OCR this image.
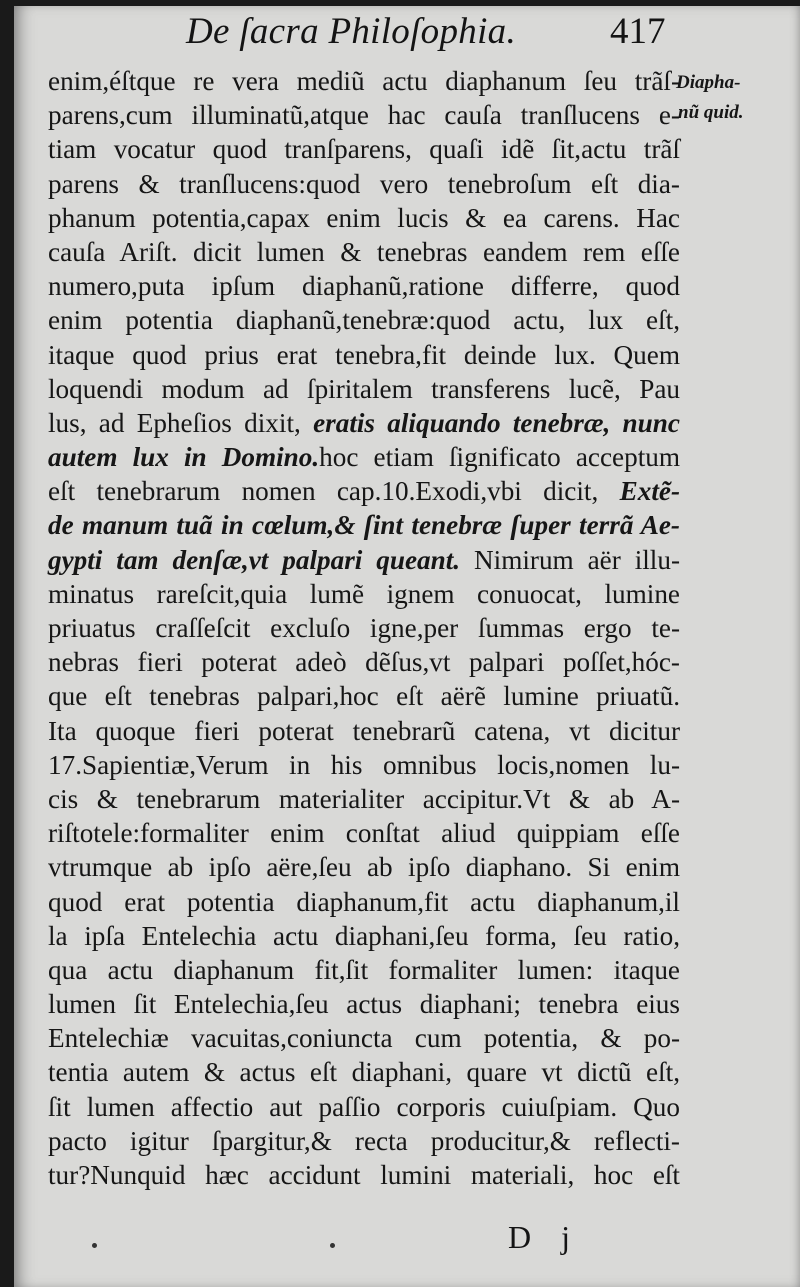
De ſacra Philoſophia.	417
Diapha-
nũ quid.
enim,éſtque re vera mediũ actu diaphanum ſeu trãſ-
parens,cum illuminatũ,atque hac cauſa tranſlucens e-
tiam vocatur quod tranſparens, quaſi idẽ ſit,actu trãſ
parens & tranſlucens:quod vero tenebroſum eſt dia-
phanum potentia,capax enim lucis & ea carens. Hac
cauſa Ariſt. dicit lumen & tenebras eandem rem eſſe
numero,puta ipſum diaphanũ,ratione differre, quod
enim potentia diaphanũ,tenebræ:quod actu, lux eſt,
itaque quod prius erat tenebra,fit deinde lux. Quem
loquendi modum ad ſpiritalem transferens lucẽ, Pau
lus, ad Epheſios dixit, eratis aliquando tenebræ, nunc
autem lux in Domino.hoc etiam ſignificato acceptum
eſt tenebrarum nomen cap.10.Exodi,vbi dicit, Extẽ-
de manum tuã in cœlum,& ſint tenebræ ſuper terrã Ae-
gypti tam denſæ,vt palpari queant. Nimirum aër illu-
minatus rareſcit,quia lumẽ ignem conuocat, lumine
priuatus craſſeſcit excluſo igne,per ſummas ergo te-
nebras fieri poterat adeò dẽſus,vt palpari poſſet,hóc-
que eſt tenebras palpari,hoc eſt aërẽ lumine priuatũ.
Ita quoque fieri poterat tenebrarũ catena, vt dicitur
17.Sapientiæ,Verum in his omnibus locis,nomen lu-
cis & tenebrarum materialiter accipitur.Vt & ab A-
riſtotele:formaliter enim conſtat aliud quippiam eſſe
vtrumque ab ipſo aëre,ſeu ab ipſo diaphano. Si enim
quod erat potentia diaphanum,fit actu diaphanum,il
la ipſa Entelechia actu diaphani,ſeu forma, ſeu ratio,
qua actu diaphanum fit,ſit formaliter lumen: itaque
lumen ſit Entelechia,ſeu actus diaphani; tenebra eius
Entelechiæ vacuitas,coniuncta cum potentia, & po-
tentia autem & actus eſt diaphani, quare vt dictũ eſt,
ſit lumen affectio aut paſſio corporis cuiuſpiam. Quo
pacto igitur ſpargitur,& recta producitur,& reflecti-
tur?Nunquid hæc accidunt lumini materiali, hoc eſt
D j
